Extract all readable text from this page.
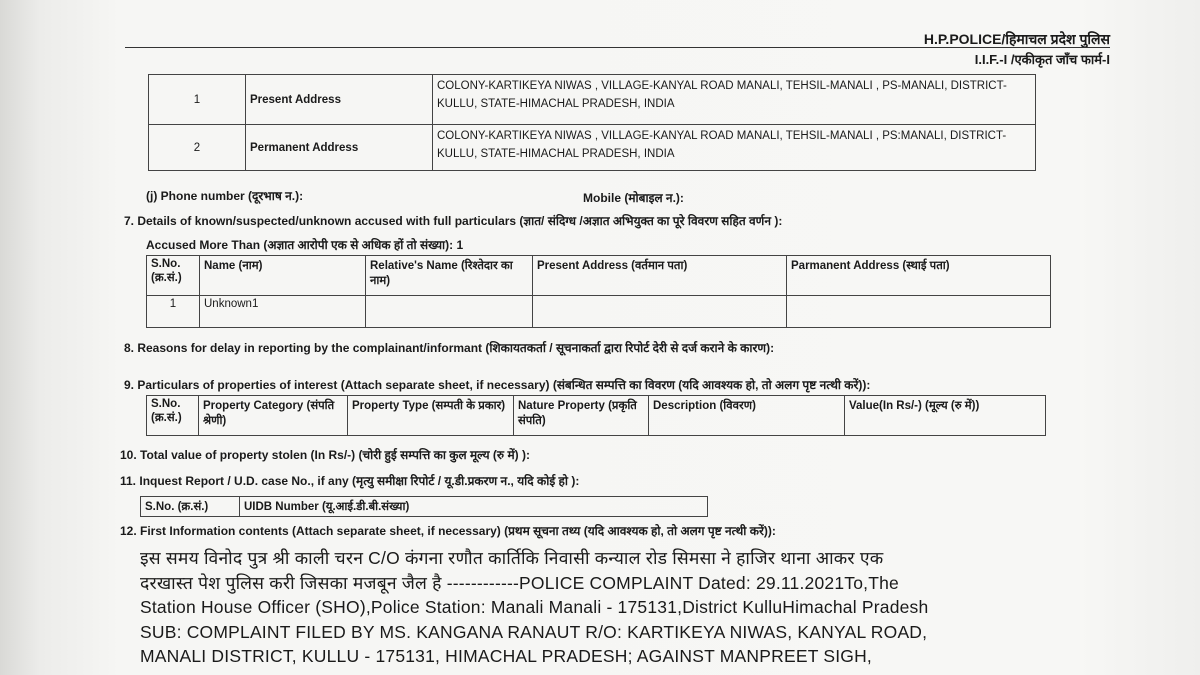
H.P.POLICE/हिमाचल प्रदेश पुलिस
I.I.F.-I /एकीकृत जाँच फार्म-I
1	Present Address	COLONY-KARTIKEYA NIWAS , VILLAGE-KANYAL ROAD MANALI, TEHSIL-MANALI , PS-MANALI, DISTRICT-KULLU, STATE-HIMACHAL PRADESH, INDIA
2	Permanent Address	COLONY-KARTIKEYA NIWAS , VILLAGE-KANYAL ROAD MANALI, TEHSIL-MANALI , PS:MANALI, DISTRICT-KULLU, STATE-HIMACHAL PRADESH, INDIA
(j) Phone number (दूरभाष न.):	Mobile (मोबाइल न.):
7. Details of known/suspected/unknown accused with full particulars (ज्ञात/ संदिग्ध /अज्ञात अभियुक्त का पूरे विवरण सहित वर्णन ):
Accused More Than (अज्ञात आरोपी एक से अधिक हों तो संख्या): 1
S.No. (क्र.सं.)	Name (नाम)	Relative's Name (रिश्तेदार का नाम)	Present Address (वर्तमान पता)	Parmanent Address (स्थाई पता)
1	Unknown1			
8. Reasons for delay in reporting by the complainant/informant (शिकायतकर्ता / सूचनाकर्ता द्वारा रिपोर्ट देरी से दर्ज कराने के कारण):
9. Particulars of properties of interest (Attach separate sheet, if necessary) (संबन्धित सम्पत्ति का विवरण (यदि आवश्यक हो, तो अलग पृष्ट नत्थी करें)):
S.No. (क्र.सं.)	Property Category (संपति श्रेणी)	Property Type (सम्पती के प्रकार)	Nature Property (प्रकृति संपति)	Description (विवरण)	Value(In Rs/-) (मूल्य (रु में))
10. Total value of property stolen (In Rs/-) (चोरी हुई सम्पत्ति का कुल मूल्य (रु में) ):
11. Inquest Report / U.D. case No., if any (मृत्यु समीक्षा रिपोर्ट / यू.डी.प्रकरण न., यदि कोई हो ):
S.No. (क्र.सं.)	UIDB Number (यू.आई.डी.बी.संख्या)
12. First Information contents (Attach separate sheet, if necessary) (प्रथम सूचना तथ्य (यदि आवश्यक हो, तो अलग पृष्ट नत्थी करें)):
इस समय विनोद पुत्र श्री काली चरन C/O कंगना रणौत कार्तिकि निवासी कन्याल रोड सिमसा ने हाजिर थाना आकर एक
दरखास्त पेश पुलिस करी जिसका मजबून जैल है ------------POLICE COMPLAINT Dated: 29.11.2021To,The
Station House Officer (SHO),Police Station: Manali Manali - 175131,District KulluHimachal Pradesh
SUB: COMPLAINT FILED BY MS. KANGANA RANAUT R/O: KARTIKEYA NIWAS, KANYAL ROAD,
MANALI DISTRICT, KULLU - 175131, HIMACHAL PRADESH; AGAINST MANPREET SIGH,
